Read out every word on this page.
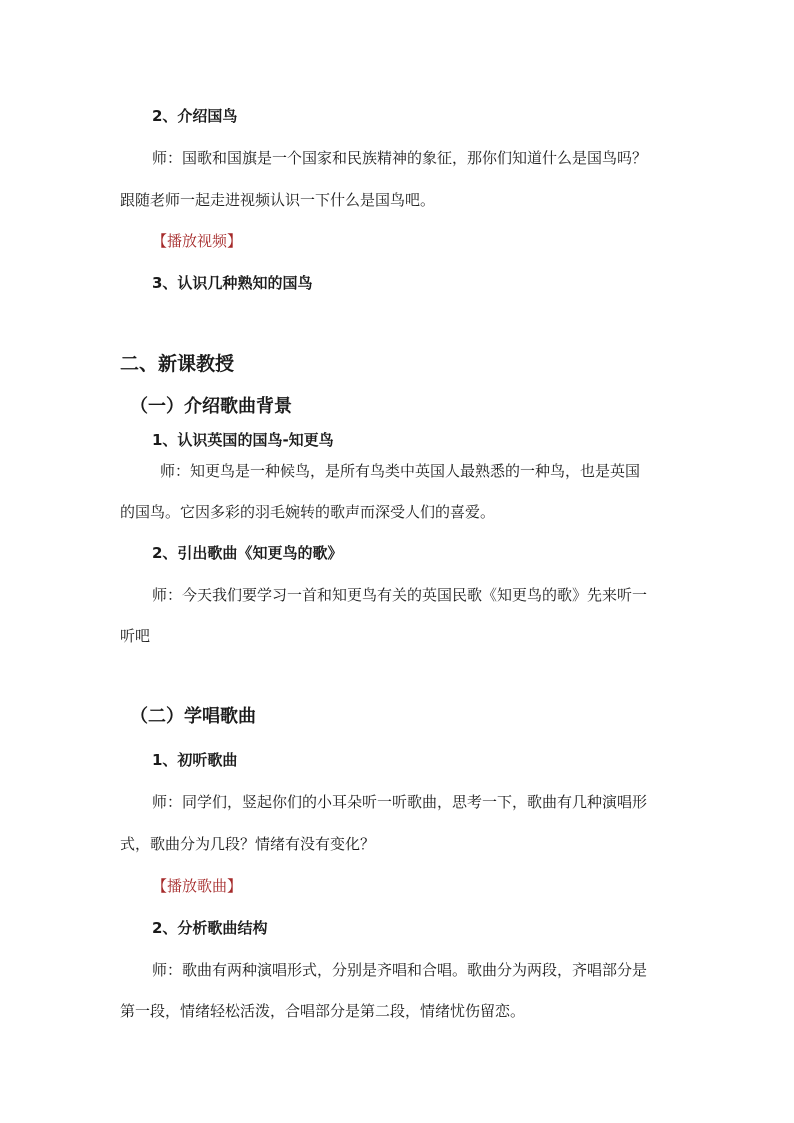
2、介绍国鸟
师：国歌和国旗是一个国家和民族精神的象征，那你们知道什么是国鸟吗？
跟随老师一起走进视频认识一下什么是国鸟吧。
【播放视频】
3、认识几种熟知的国鸟
二、新课教授
（一）介绍歌曲背景
1、认识英国的国鸟-知更鸟
师：知更鸟是一种候鸟，是所有鸟类中英国人最熟悉的一种鸟，也是英国
的国鸟。它因多彩的羽毛婉转的歌声而深受人们的喜爱。
2、引出歌曲《知更鸟的歌》
师：今天我们要学习一首和知更鸟有关的英国民歌《知更鸟的歌》先来听一
听吧
（二）学唱歌曲
1、初听歌曲
师：同学们，竖起你们的小耳朵听一听歌曲，思考一下，歌曲有几种演唱形
式，歌曲分为几段？情绪有没有变化？
【播放歌曲】
2、分析歌曲结构
师：歌曲有两种演唱形式，分别是齐唱和合唱。歌曲分为两段，齐唱部分是
第一段，情绪轻松活泼，合唱部分是第二段，情绪忧伤留恋。
